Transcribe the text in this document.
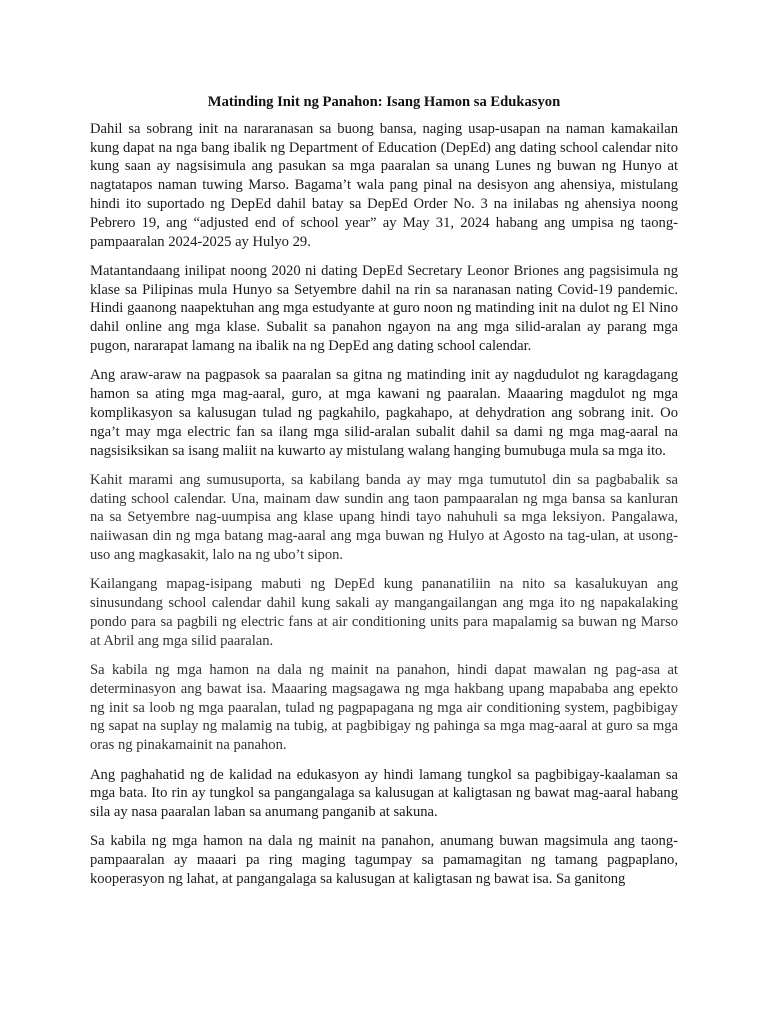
Matinding Init ng Panahon: Isang Hamon sa Edukasyon

Dahil sa sobrang init na nararanasan sa buong bansa, naging usap-usapan na naman kamakailan kung dapat na nga bang ibalik ng Department of Education (DepEd) ang dating school calendar nito kung saan ay nagsisimula ang pasukan sa mga paaralan sa unang Lunes ng buwan ng Hunyo at nagtatapos naman tuwing Marso. Bagama’t wala pang pinal na desisyon ang ahensiya, mistulang hindi ito suportado ng DepEd dahil batay sa DepEd Order No. 3 na inilabas ng ahensiya noong Pebrero 19, ang “adjusted end of school year” ay May 31, 2024 habang ang umpisa ng taong-pampaaralan 2024-2025 ay Hulyo 29.

Matantandaang inilipat noong 2020 ni dating DepEd Secretary Leonor Briones ang pagsisimula ng klase sa Pilipinas mula Hunyo sa Setyembre dahil na rin sa naranasan nating Covid-19 pandemic. Hindi gaanong naapektuhan ang mga estudyante at guro noon ng matinding init na dulot ng El Nino dahil online ang mga klase. Subalit sa panahon ngayon na ang mga silid-aralan ay parang mga pugon, nararapat lamang na ibalik na ng DepEd ang dating school calendar.

Ang araw-araw na pagpasok sa paaralan sa gitna ng matinding init ay nagdudulot ng karagdagang hamon sa ating mga mag-aaral, guro, at mga kawani ng paaralan. Maaaring magdulot ng mga komplikasyon sa kalusugan tulad ng pagkahilo, pagkahapo, at dehydration ang sobrang init. Oo nga’t may mga electric fan sa ilang mga silid-aralan subalit dahil sa dami ng mga mag-aaral na nagsisiksikan sa isang maliit na kuwarto ay mistulang walang hanging bumubuga mula sa mga ito.

Kahit marami ang sumusuporta, sa kabilang banda ay may mga tumututol din sa pagbabalik sa dating school calendar. Una, mainam daw sundin ang taon pampaaralan ng mga bansa sa kanluran na sa Setyembre nag-uumpisa ang klase upang hindi tayo nahuhuli sa mga leksiyon. Pangalawa, naiiwasan din ng mga batang mag-aaral ang mga buwan ng Hulyo at Agosto na tag-ulan, at usong-uso ang magkasakit, lalo na ng ubo’t sipon.

Kailangang mapag-isipang mabuti ng DepEd kung pananatiliin na nito sa kasalukuyan ang sinusundang school calendar dahil kung sakali ay mangangailangan ang mga ito ng napakalaking pondo para sa pagbili ng electric fans at air conditioning units para mapalamig sa buwan ng Marso at Abril ang mga silid paaralan.

Sa kabila ng mga hamon na dala ng mainit na panahon, hindi dapat mawalan ng pag-asa at determinasyon ang bawat isa. Maaaring magsagawa ng mga hakbang upang mapababa ang epekto ng init sa loob ng mga paaralan, tulad ng pagpapagana ng mga air conditioning system, pagbibigay ng sapat na suplay ng malamig na tubig, at pagbibigay ng pahinga sa mga mag-aaral at guro sa mga oras ng pinakamainit na panahon.

Ang paghahatid ng de kalidad na edukasyon ay hindi lamang tungkol sa pagbibigay-kaalaman sa mga bata. Ito rin ay tungkol sa pangangalaga sa kalusugan at kaligtasan ng bawat mag-aaral habang sila ay nasa paaralan laban sa anumang panganib at sakuna.

Sa kabila ng mga hamon na dala ng mainit na panahon, anumang buwan magsimula ang taong-pampaaralan ay maaari pa ring maging tagumpay sa pamamagitan ng tamang pagpaplano, kooperasyon ng lahat, at pangangalaga sa kalusugan at kaligtasan ng bawat isa. Sa ganitong
